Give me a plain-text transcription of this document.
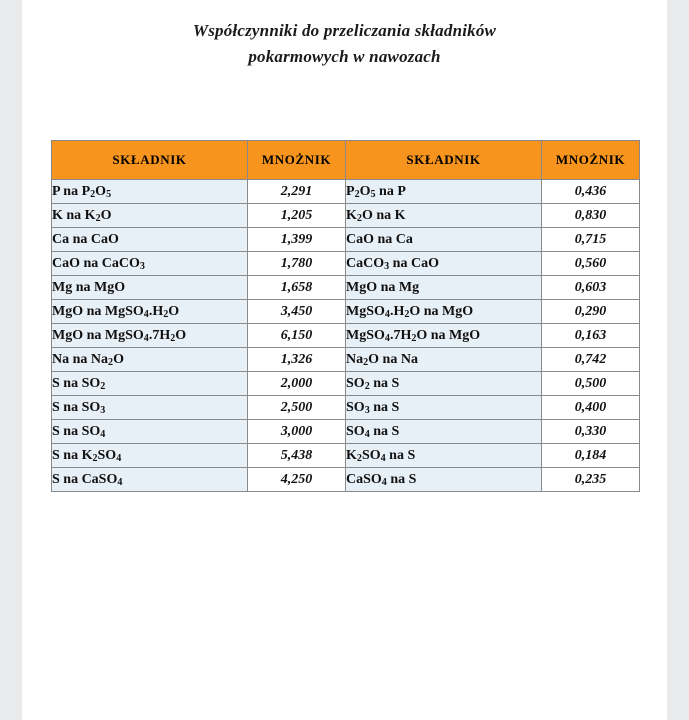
Współczynniki do przeliczania składników
pokarmowych w nawozach
SKŁADNIK	MNOŻNIK	SKŁADNIK	MNOŻNIK
P na $P_2O_5$	2,291	$P_2O_5$ na P	0,436
K na $K_2O$	1,205	$K_2O$ na K	0,830
Ca na CaO	1,399	CaO na Ca	0,715
CaO na CaCO$_3$	1,780	CaCO$_3$ na CaO	0,560
Mg na MgO	1,658	MgO na Mg	0,603
MgO na $MgSO_4.H_2O$	3,450	$MgSO_4.H_2O$ na MgO	0,290
MgO na $MgSO_4.7H_2O$	6,150	$MgSO_4.7H_2O$ na MgO	0,163
Na na $Na_2O$	1,326	$Na_2O$ na Na	0,742
S na $SO_2$	2,000	$SO_2$ na S	0,500
S na $SO_3$	2,500	$SO_3$ na S	0,400
S na $SO_4$	3,000	$SO_4$ na S	0,330
S na $K_2SO_4$	5,438	$K_2SO_4$ na S	0,184
S na CaSO$_4$	4,250	CaSO$_4$ na S	0,235
